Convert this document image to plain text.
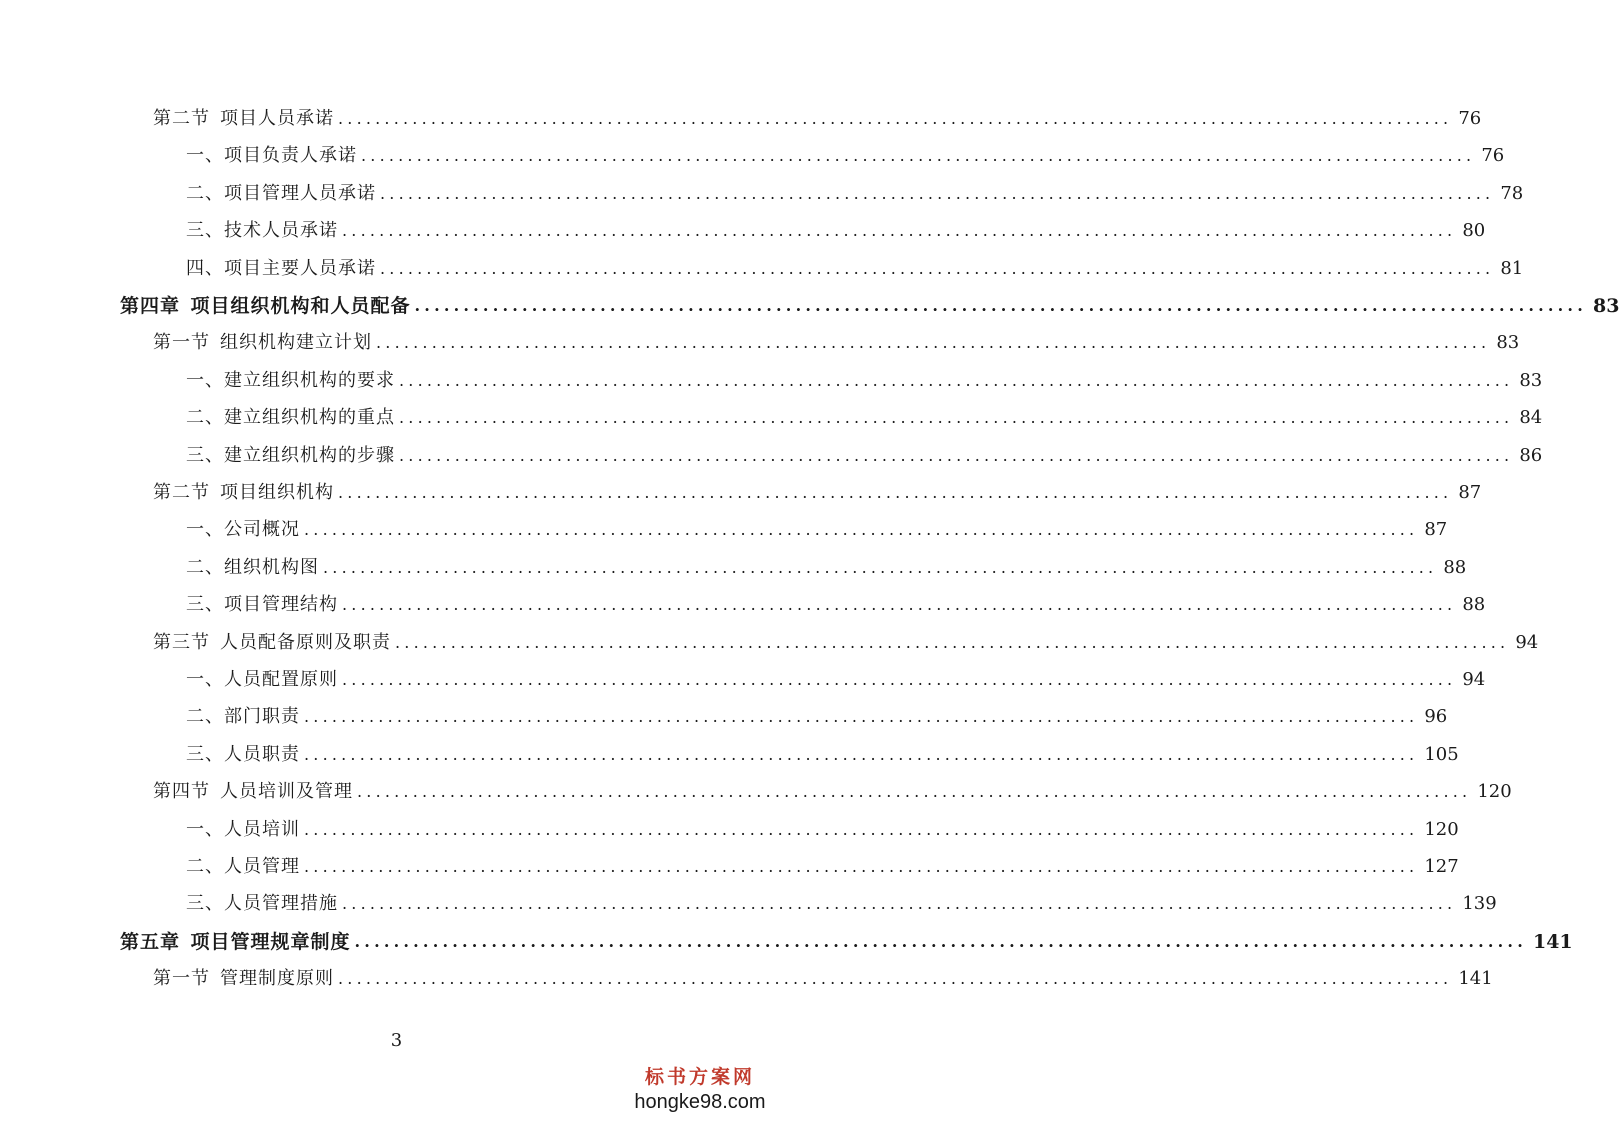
第二节  项目人员承诺 ........................................................................................................................ 76
一、项目负责人承诺 ........................................................................................................................ 76
二、项目管理人员承诺 ........................................................................................................................ 78
三、技术人员承诺 ........................................................................................................................ 80
四、项目主要人员承诺 ........................................................................................................................ 81
第四章  项目组织机构和人员配备 ........................................................................................................................ 83
第一节  组织机构建立计划 ........................................................................................................................ 83
一、建立组织机构的要求 ........................................................................................................................ 83
二、建立组织机构的重点 ........................................................................................................................ 84
三、建立组织机构的步骤 ........................................................................................................................ 86
第二节  项目组织机构 ........................................................................................................................ 87
一、公司概况 ........................................................................................................................ 87
二、组织机构图 ........................................................................................................................ 88
三、项目管理结构 ........................................................................................................................ 88
第三节  人员配备原则及职责 ........................................................................................................................ 94
一、人员配置原则 ........................................................................................................................ 94
二、部门职责 ........................................................................................................................ 96
三、人员职责 ........................................................................................................................ 105
第四节  人员培训及管理 ........................................................................................................................ 120
一、人员培训 ........................................................................................................................ 120
二、人员管理 ........................................................................................................................ 127
三、人员管理措施 ........................................................................................................................ 139
第五章  项目管理规章制度 ........................................................................................................................ 141
第一节  管理制度原则 ........................................................................................................................ 141
3
标书方案网
hongke98.com
